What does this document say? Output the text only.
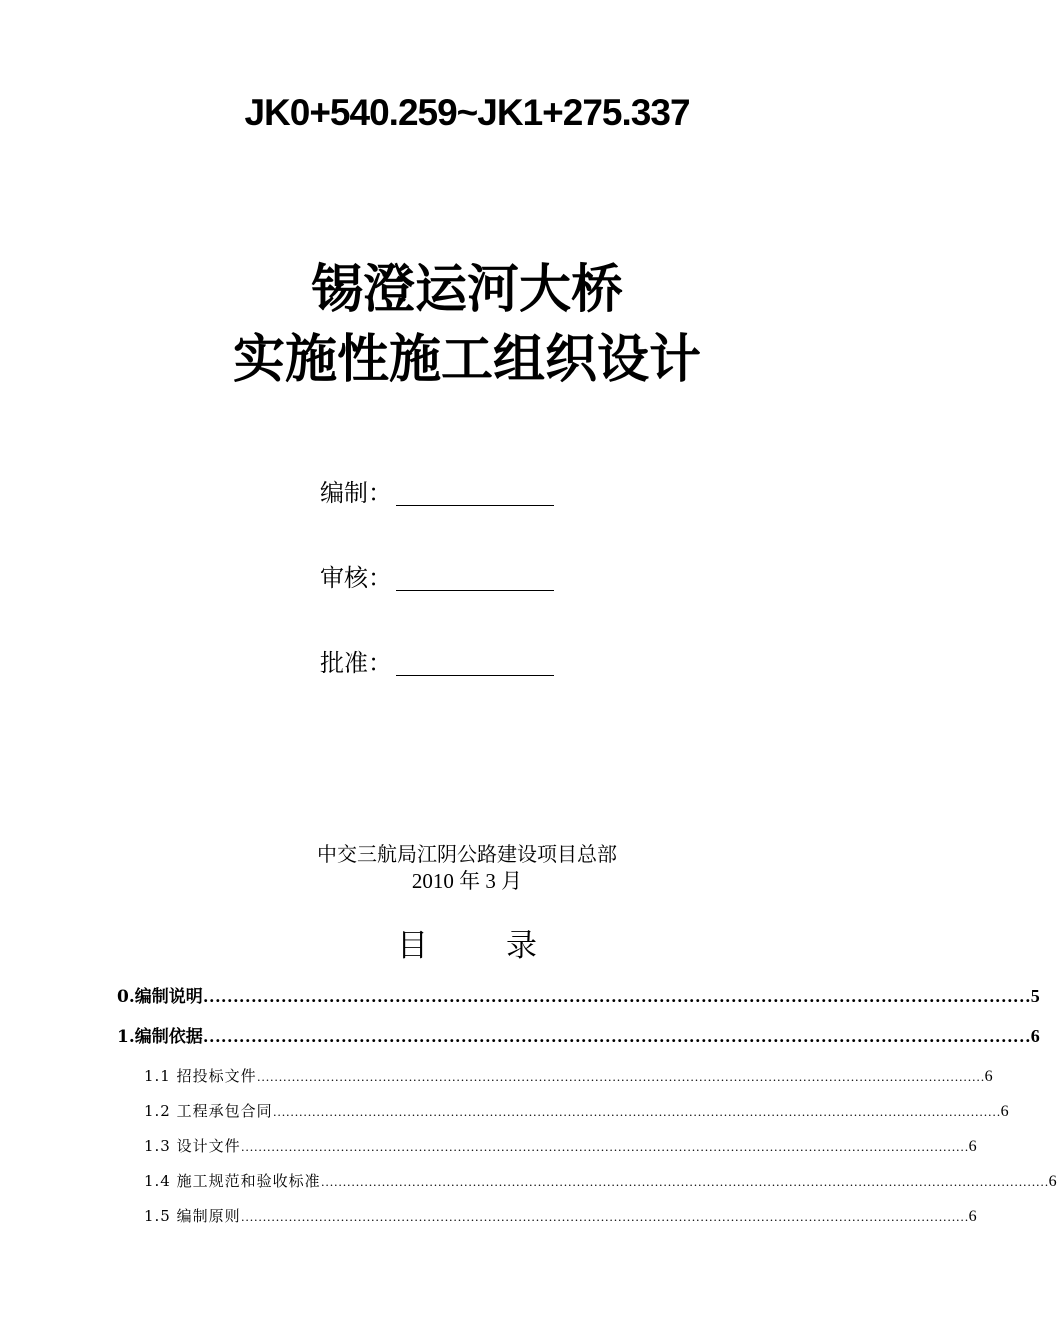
JK0+540.259~JK1+275.337
锡澄运河大桥
实施性施工组织设计
编制：
审核：
批准：
中交三航局江阴公路建设项目总部
2010 年 3 月
目	录
0.编制说明 ………………………………………………………………………………………………………………………… 5
1.编制依据 ………………………………………………………………………………………………………………………… 6
1.1 招投标文件 …………………………………………………………………………………………………………………………………………………… 6
1.2 工程承包合同 …………………………………………………………………………………………………………………………………………………… 6
1.3 设计文件 …………………………………………………………………………………………………………………………………………………… 6
1.4 施工规范和验收标准 …………………………………………………………………………………………………………………………………………………… 6
1.5 编制原则 …………………………………………………………………………………………………………………………………………………… 6
